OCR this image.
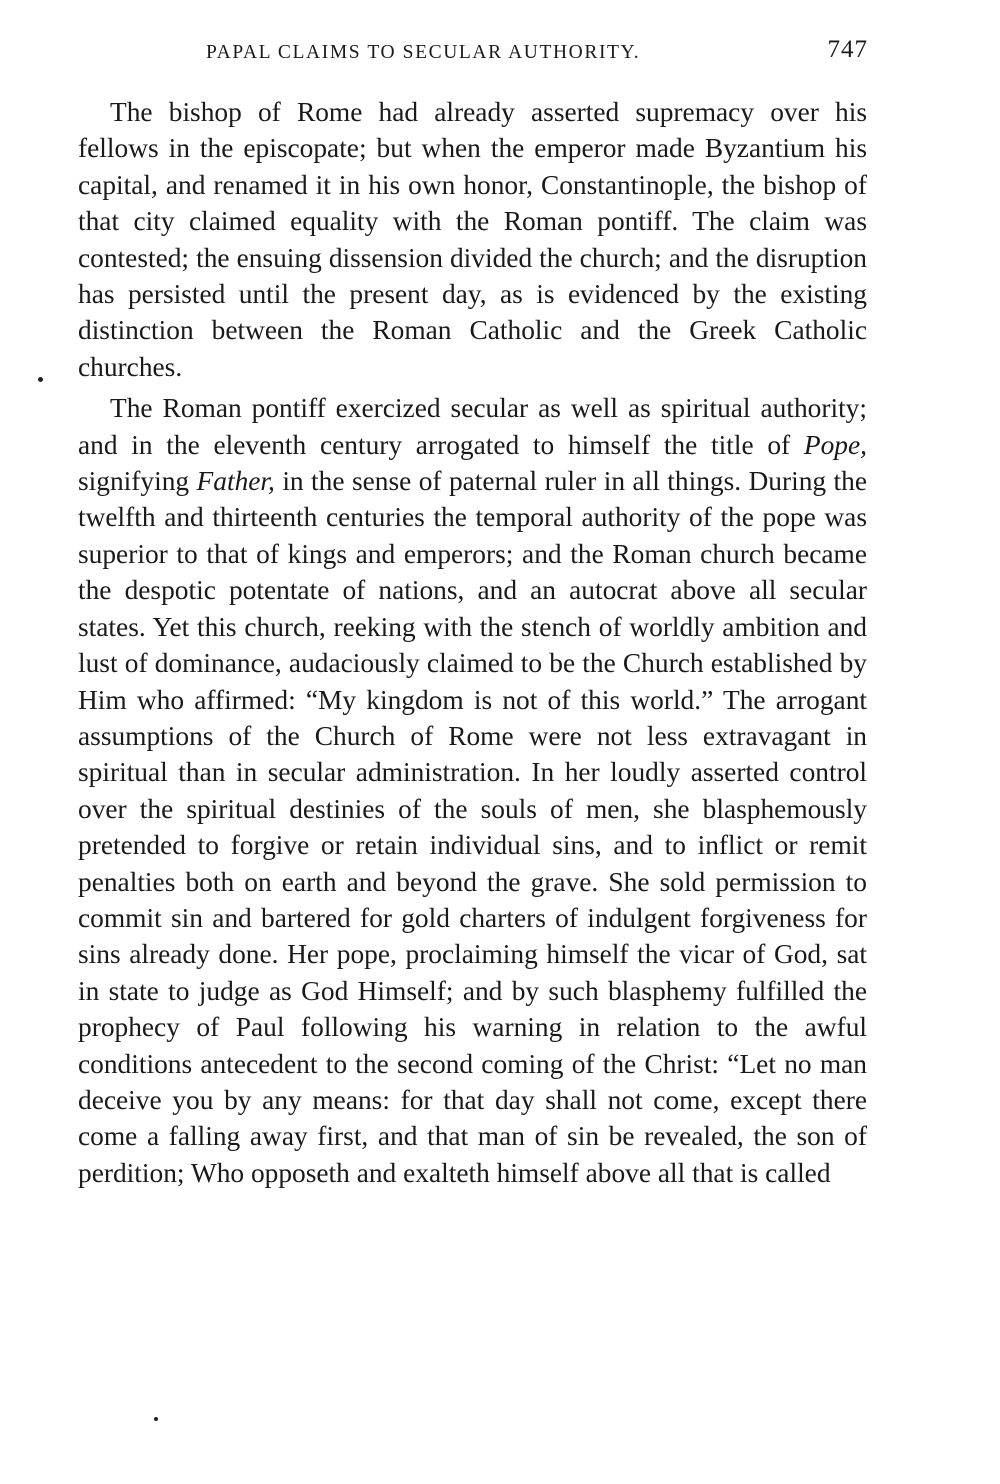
PAPAL CLAIMS TO SECULAR AUTHORITY.	747

The bishop of Rome had already asserted supremacy over his fellows in the episcopate; but when the emperor made Byzantium his capital, and renamed it in his own honor, Constantinople, the bishop of that city claimed equality with the Roman pontiff. The claim was contested; the ensuing dissension divided the church; and the disruption has persisted until the present day, as is evidenced by the existing distinction between the Roman Catholic and the Greek Catholic churches.

The Roman pontiff exercized secular as well as spiritual authority; and in the eleventh century arrogated to himself the title of Pope, signifying Father, in the sense of paternal ruler in all things. During the twelfth and thirteenth centuries the temporal authority of the pope was superior to that of kings and emperors; and the Roman church became the despotic potentate of nations, and an autocrat above all secular states. Yet this church, reeking with the stench of worldly ambition and lust of dominance, audaciously claimed to be the Church established by Him who affirmed: “My kingdom is not of this world.” The arrogant assumptions of the Church of Rome were not less extravagant in spiritual than in secular administration. In her loudly asserted control over the spiritual destinies of the souls of men, she blasphemously pretended to forgive or retain individual sins, and to inflict or remit penalties both on earth and beyond the grave. She sold permission to commit sin and bartered for gold charters of indulgent forgiveness for sins already done. Her pope, proclaiming himself the vicar of God, sat in state to judge as God Himself; and by such blasphemy fulfilled the prophecy of Paul following his warning in relation to the awful conditions antecedent to the second coming of the Christ: “Let no man deceive you by any means: for that day shall not come, except there come a falling away first, and that man of sin be revealed, the son of perdition; Who opposeth and exalteth himself above all that is called
